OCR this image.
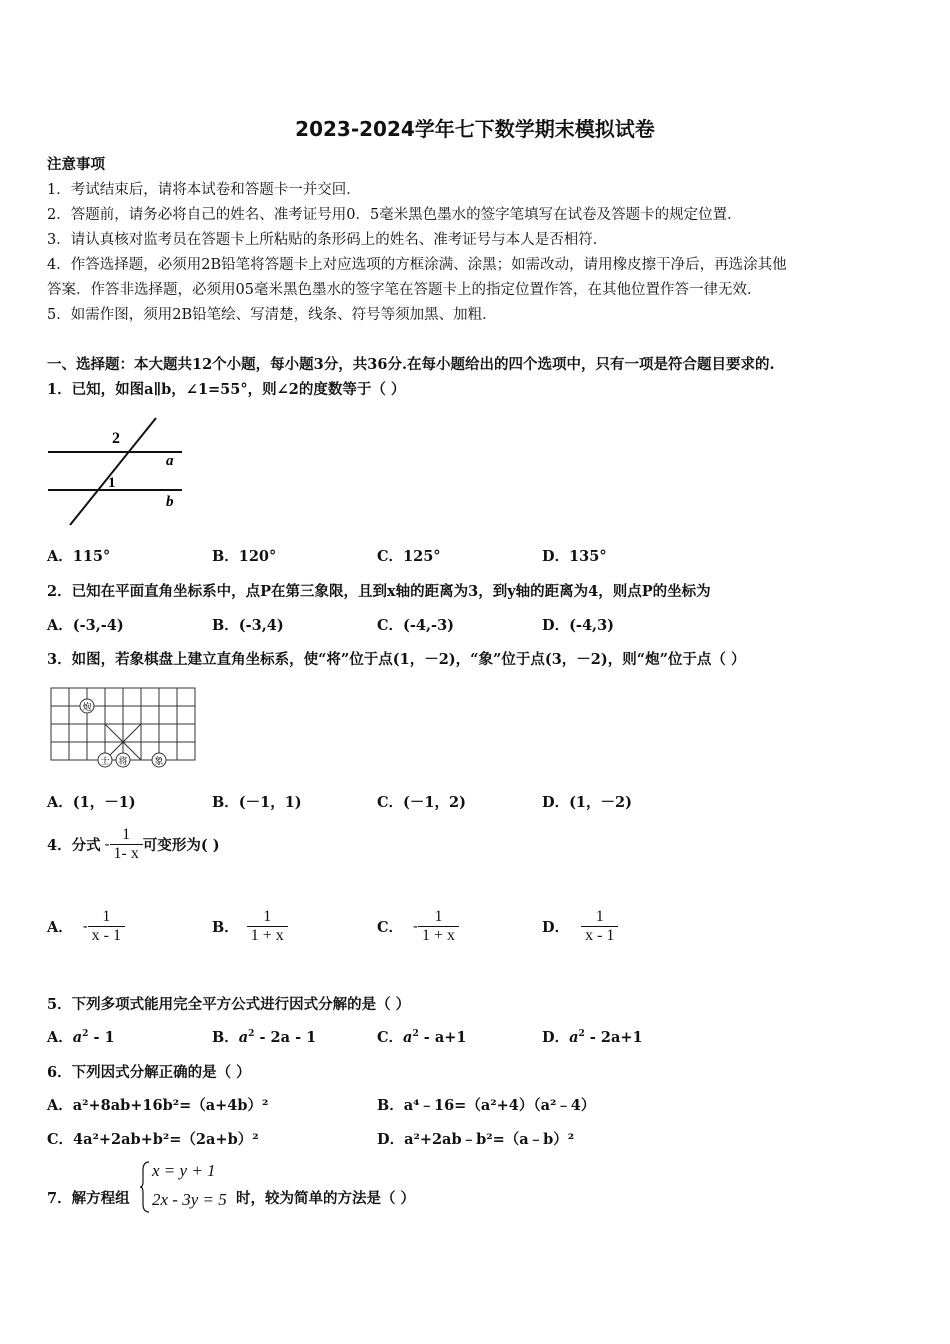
2023-2024学年七下数学期末模拟试卷
注意事项
1．考试结束后，请将本试卷和答题卡一并交回．
2．答题前，请务必将自己的姓名、准考证号用0．5毫米黑色墨水的签字笔填写在试卷及答题卡的规定位置．
3．请认真核对监考员在答题卡上所粘贴的条形码上的姓名、准考证号与本人是否相符．
4．作答选择题，必须用2B铅笔将答题卡上对应选项的方框涂满、涂黑；如需改动，请用橡皮擦干净后，再选涂其他
答案．作答非选择题，必须用05毫米黑色墨水的签字笔在答题卡上的指定位置作答，在其他位置作答一律无效．
5．如需作图，须用2B铅笔绘、写清楚，线条、符号等须加黑、加粗．
一、选择题：本大题共12个小题，每小题3分，共36分.在每小题给出的四个选项中，只有一项是符合题目要求的.
1．已知，如图a∥b，∠1=55°，则∠2的度数等于（ ）
2
a
1
b
A．115°	B．120°	C．125°	D．135°
2．已知在平面直角坐标系中，点P在第三象限，且到x轴的距离为3，到y轴的距离为4，则点P的坐标为
A．(-3,-4)	B．(-3,4)	C．(-4,-3)	D．(-4,3)
3．如图，若象棋盘上建立直角坐标系，使“将”位于点(1，－2)，“象”位于点(3，－2)，则“炮”位于点（ ）
炮
士 将	象
A．(1，－1)	B．(－1，1)	C．(－1，2)	D．(1，－2)
4．分式 - $\frac{1}{1- x}$ 可变形为( )
A． - $\frac{1}{x - 1}$	B． $\frac{1}{1 + x}$	C． - $\frac{1}{1 + x}$	D． $\frac{1}{x - 1}$
5．下列多项式能用完全平方公式进行因式分解的是（ ）
A．$a^2 - 1$	B．$a^2 - 2a - 1$	C．$a^2 - a+1$	D．$a^2 - 2a+1$
6．下列因式分解正确的是（ ）
A．a²+8ab+16b²=（a+4b）²	B．a⁴﹣16=（a²+4）（a²﹣4）
C．4a²+2ab+b²=（2a+b）²	D．a²+2ab﹣b²=（a﹣b）²
7．解方程组
x = y + 1
2x - 3y = 5 时，较为简单的方法是（ ）
